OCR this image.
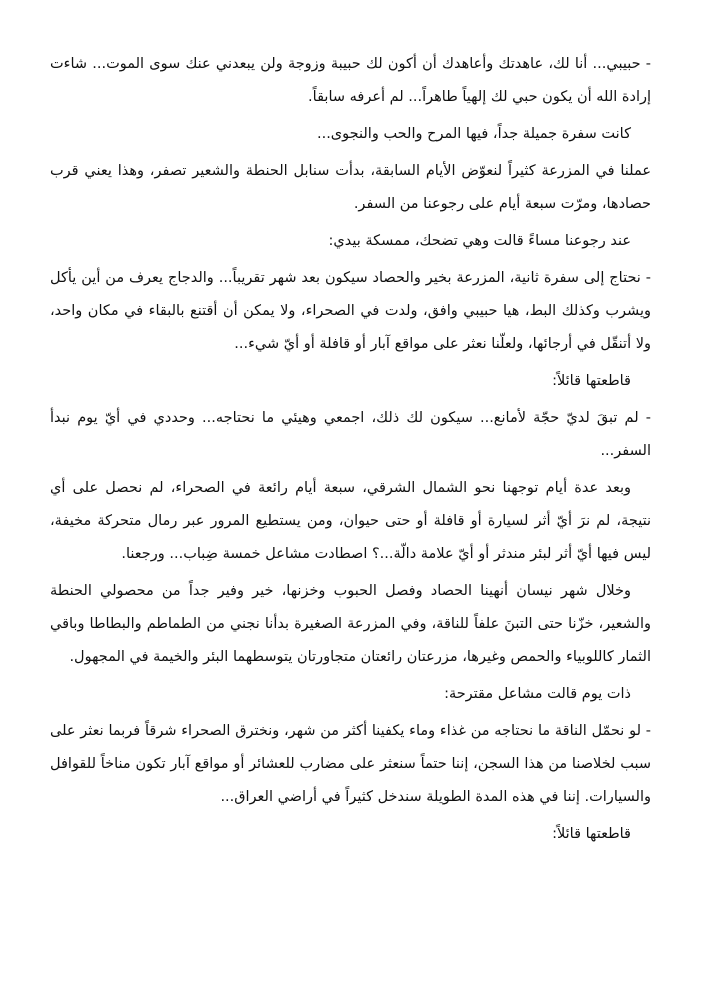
- حبيبي... أنا لك، عاهدتك وأعاهدك أن أكون لك حبيبة وزوجة ولن يبعدني عنك سوى الموت... شاءت إرادة الله أن يكون حبي لك إلهياً طاهراً... لم أعرفه سابقاً.

كانت سفرة جميلة جداً، فيها المرح والحب والنجوى...

عملنا في المزرعة كثيراً لنعوّض الأيام السابقة، بدأت سنابل الحنطة والشعير تصفر، وهذا يعني قرب حصادها، ومرّت سبعة أيام على رجوعنا من السفر.

عند رجوعنا مساءً قالت وهي تضحك، ممسكة بيدي:

- نحتاج إلى سفرة ثانية، المزرعة بخير والحصاد سيكون بعد شهر تقريباً... والدجاج يعرف من أين يأكل ويشرب وكذلك البط، هيا حبيبي وافق، ولدت في الصحراء، ولا يمكن أن أقتنع بالبقاء في مكان واحد، ولا أتنقّل في أرجائها، ولعلّنا نعثر على مواقع آبار أو قافلة أو أيّ شيء...

قاطعتها قائلاً:

- لم تبقَ لديّ حجّة لأمانع... سيكون لك ذلك، اجمعي وهيئي ما نحتاجه... وحددي في أيّ يوم نبدأ السفر...

وبعد عدة أيام توجهنا نحو الشمال الشرقي، سبعة أيام رائعة في الصحراء، لم نحصل على أي نتيجة، لم نرَ أيّ أثر لسيارة أو قافلة أو حتى حيوان، ومن يستطيع المرور عبر رمال متحركة مخيفة، ليس فيها أيّ أثر لبئر مندثر أو أيّ علامة دالّة...؟ اصطادت مشاعل خمسة ضِباب... ورجعنا.

وخلال شهر نيسان أنهينا الحصاد وفصل الحبوب وخزنها، خير وفير جداً من محصولي الحنطة والشعير، خزّنا حتى التبنَ علفاً للناقة، وفي المزرعة الصغيرة بدأنا نجني من الطماطم والبطاطا وباقي الثمار كاللوبياء والحمص وغيرها، مزرعتان رائعتان متجاورتان يتوسطهما البئر والخيمة في المجهول.

ذات يوم قالت مشاعل مقترحة:

- لو نحمّل الناقة ما نحتاجه من غذاء وماء يكفينا أكثر من شهر، ونخترق الصحراء شرقاً فربما نعثر على سبب لخلاصنا من هذا السجن، إننا حتماً سنعثر على مضارب للعشائر أو مواقع آبار تكون مناخاً للقوافل والسيارات. إننا في هذه المدة الطويلة سندخل كثيراً في أراضي العراق...

قاطعتها قائلاً:
